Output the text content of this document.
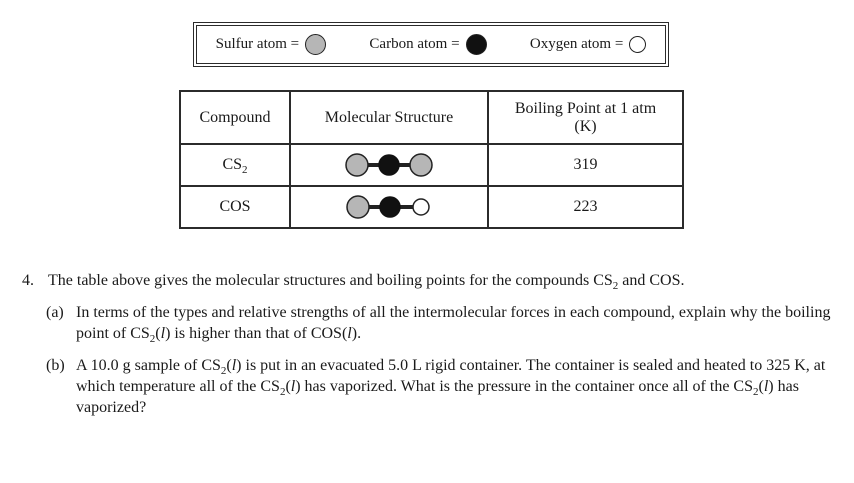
Sulfur atom =	Carbon atom =	Oxygen atom =
Compound	Molecular Structure	Boiling Point at 1 atm
(K)

$CS_2$		319
COS		223
4. The table above gives the molecular structures and boiling points for the compounds $CS_2$ and COS.
(a) In terms of the types and relative strengths of all the intermolecular forces in each compound, explain why the boiling point of $CS_2(l)$ is higher than that of COS(l).
(b) A 10.0 g sample of $CS_2(l)$ is put in an evacuated 5.0 L rigid container. The container is sealed and heated to 325 K, at which temperature all of the $CS_2(l)$ has vaporized. What is the pressure in the container once all of the $CS_2(l)$ has vaporized?
